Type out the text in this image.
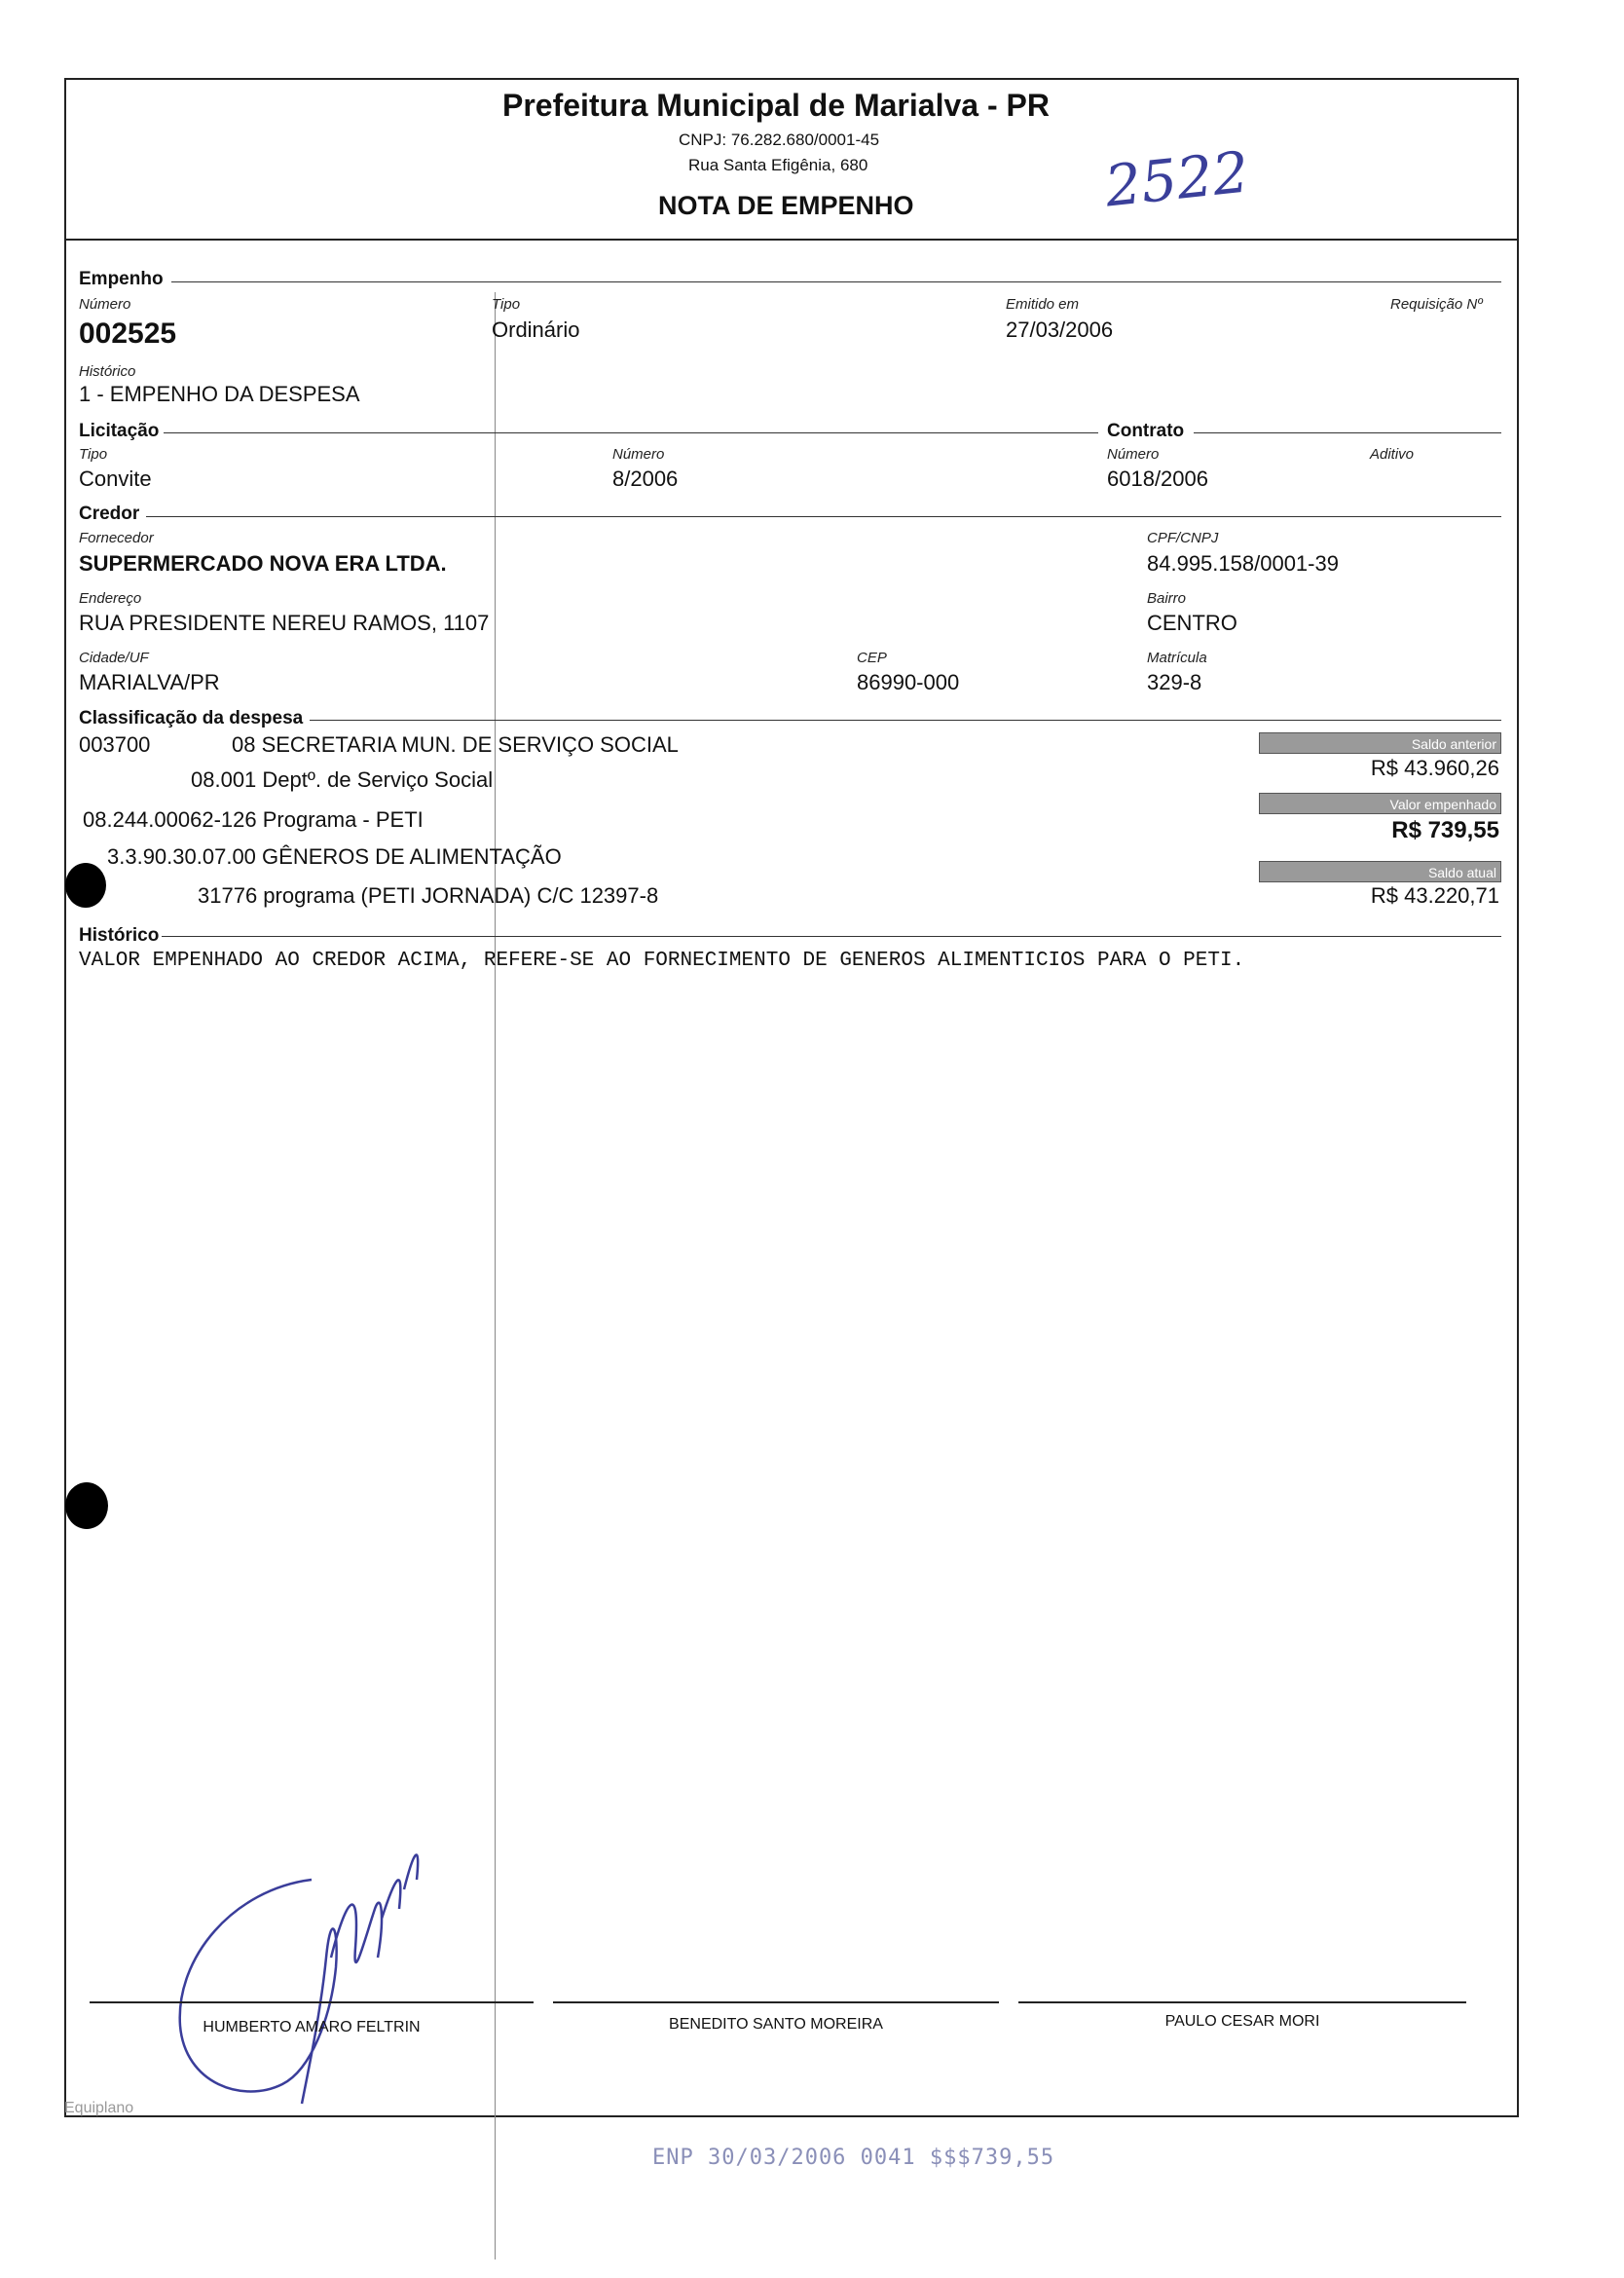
Prefeitura Municipal de Marialva - PR
CNPJ: 76.282.680/0001-45
Rua Santa Efigênia, 680
NOTA DE EMPENHO	2522
Empenho
Número
002525
Tipo
Ordinário
Emitido em
27/03/2006
Requisição Nº
Histórico
1 - EMPENHO DA DESPESA
Licitação
Tipo
Convite
Número
8/2006
Contrato
Número
6018/2006
Aditivo
Credor
Fornecedor
SUPERMERCADO NOVA ERA LTDA.
CPF/CNPJ
84.995.158/0001-39
Endereço
RUA PRESIDENTE NEREU RAMOS, 1107
Bairro
CENTRO
Cidade/UF
MARIALVA/PR
CEP
86990-000
Matrícula
329-8
Classificação da despesa
003700	08 SECRETARIA MUN. DE SERVIÇO SOCIAL
08.001 Deptº. de Serviço Social
08.244.00062-126 Programa - PETI
3.3.90.30.07.00 GÊNEROS DE ALIMENTAÇÃO
31776 programa (PETI JORNADA) C/C 12397-8
Saldo anterior
R$ 43.960,26
Valor empenhado
R$ 739,55
Saldo atual
R$ 43.220,71
Histórico
VALOR EMPENHADO AO CREDOR ACIMA, REFERE-SE AO FORNECIMENTO DE GENEROS ALIMENTICIOS PARA O PETI.
HUMBERTO AMARO FELTRIN	BENEDITO SANTO MOREIRA	PAULO CESAR MORI
Equiplano
ENP 30/03/2006 0041 $$$739,55
